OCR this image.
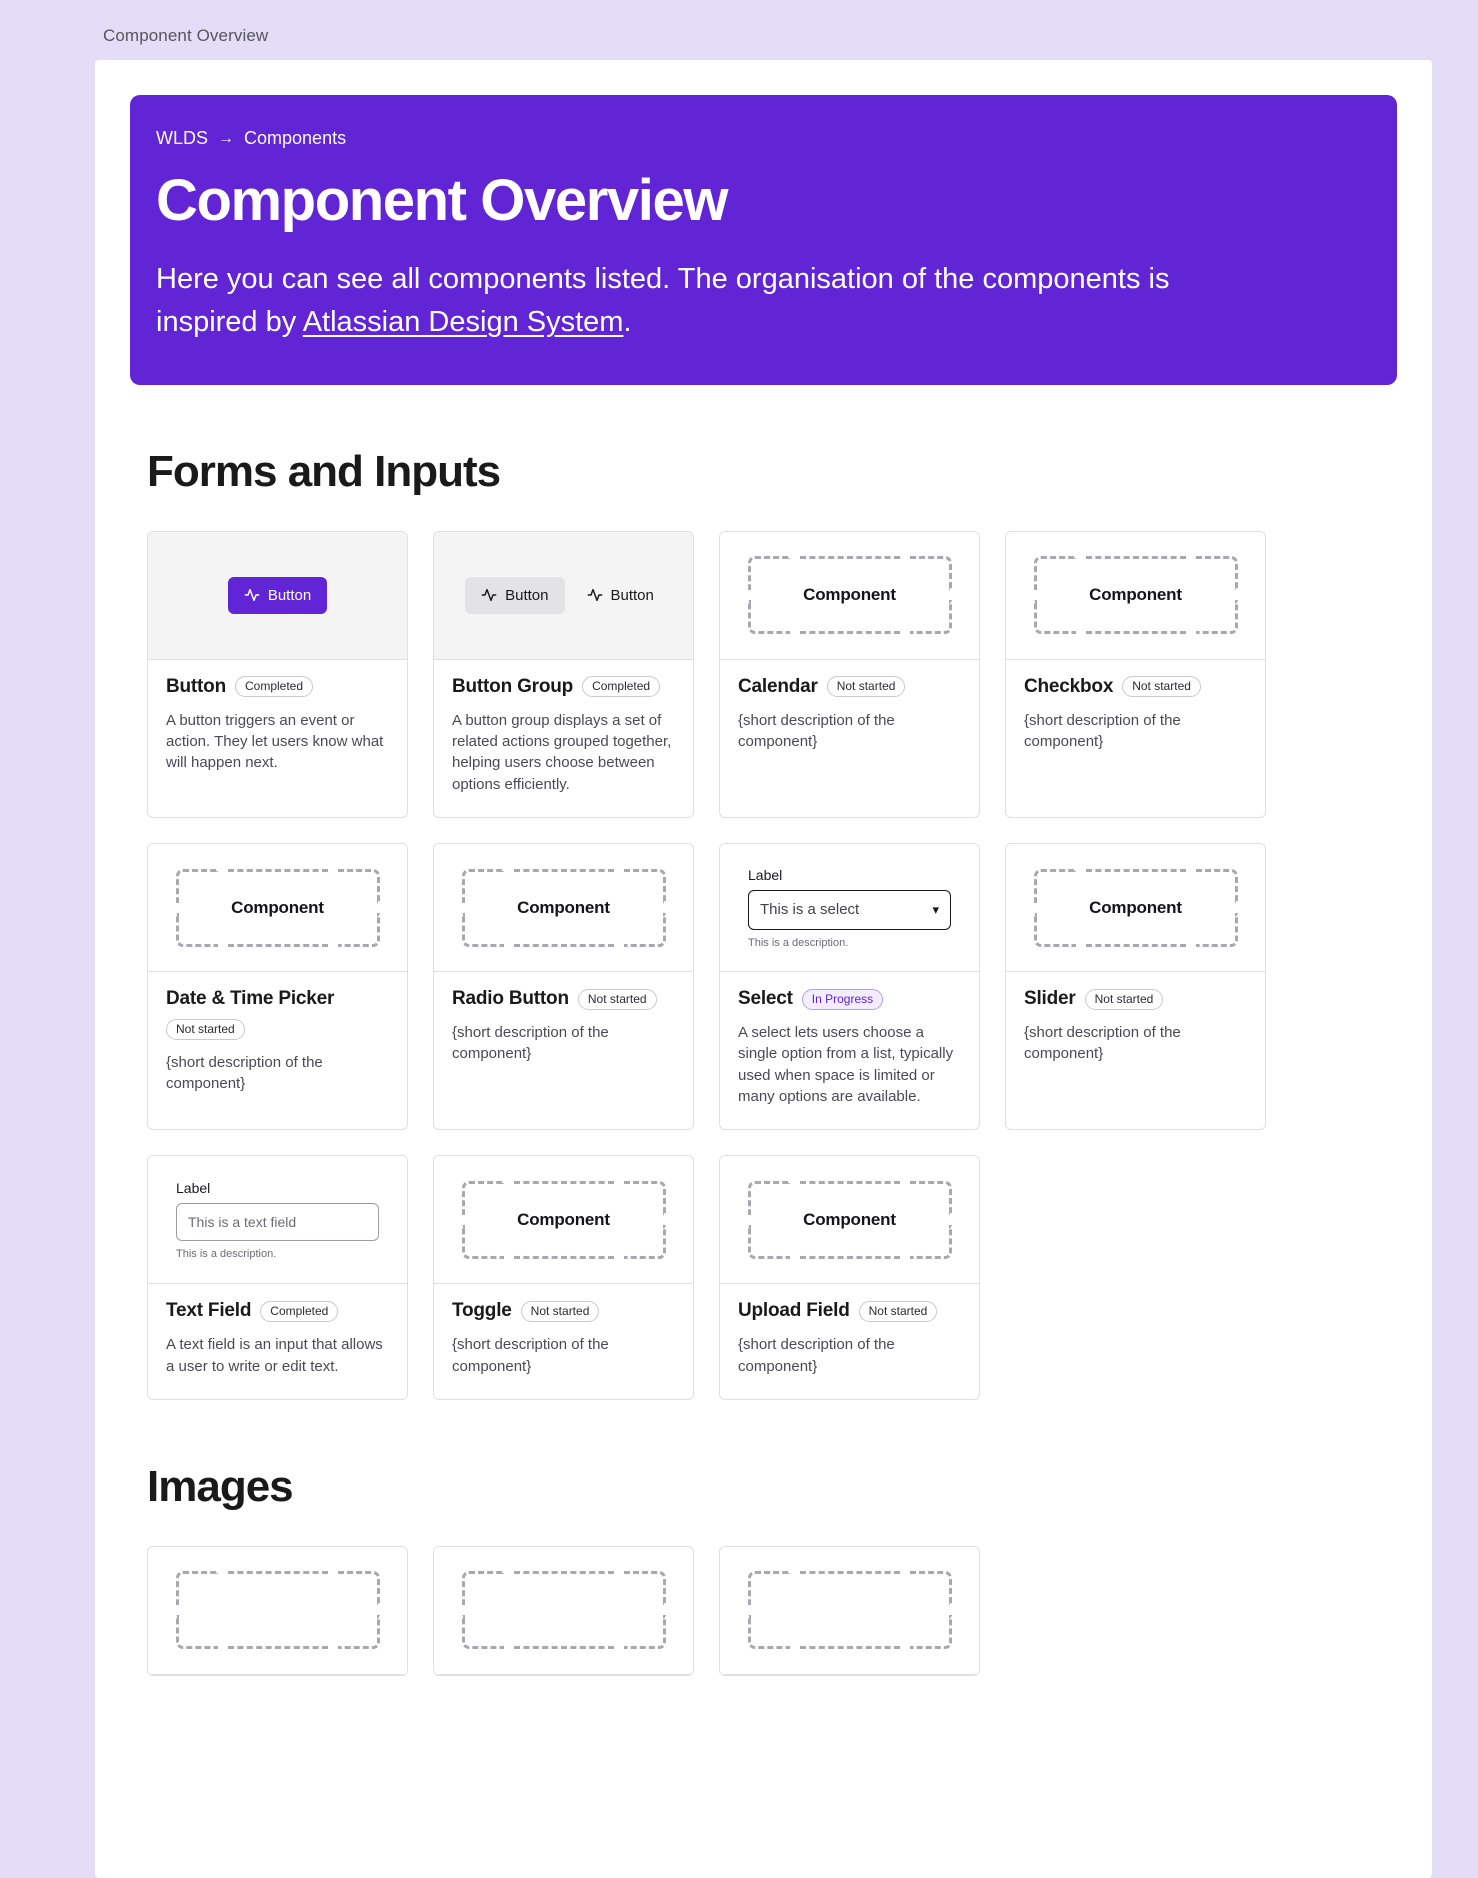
Component Overview
WLDS → Components
Component Overview

Here you can see all components listed. The organisation of the components is inspired by Atlassian Design System.

Forms and Inputs
Button
Button	Completed
A button triggers an event or action. They let users know what will happen next.
Button	Button
Button Group	Completed
A button group displays a set of related actions grouped together, helping users choose between options efficiently.
Component
Calendar	Not started
{short description of the component}
Component
Checkbox	Not started
{short description of the component}
Component
Date & Time Picker
Not started
{short description of the component}
Component
Radio Button	Not started
{short description of the component}
Label
This is a select	▾
This is a description.
Select	In Progress
A select lets users choose a single option from a list, typically used when space is limited or many options are available.
Component
Slider	Not started
{short description of the component}
Label
This is a text field
This is a description.
Text Field	Completed
A text field is an input that allows a user to write or edit text.
Component
Toggle	Not started
{short description of the component}
Component
Upload Field	Not started
{short description of the component}
Images
